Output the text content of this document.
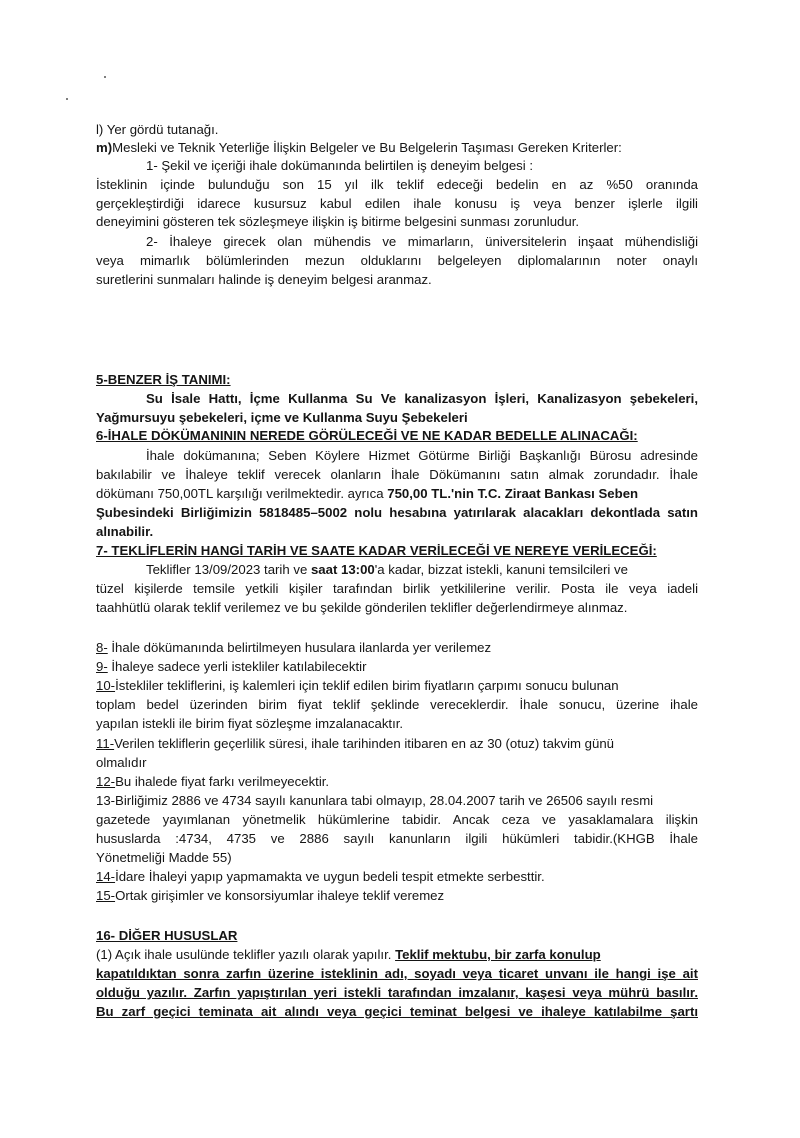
l) Yer gördü tutanağı.
m)Mesleki ve Teknik Yeterliğe İlişkin Belgeler ve Bu Belgelerin Taşıması Gereken Kriterler:
1- Şekil ve içeriği ihale dokümanında belirtilen iş deneyim belgesi :
İsteklinin içinde bulunduğu son 15 yıl ilk teklif edeceği bedelin en az %50 oranında
gerçekleştirdiği idarece kusursuz kabul edilen ihale konusu iş veya benzer işlerle ilgili
deneyimini gösteren tek sözleşmeye ilişkin iş bitirme belgesini sunması zorunludur.
2- İhaleye girecek olan mühendis ve mimarların, üniversitelerin inşaat mühendisliği
veya mimarlık bölümlerinden mezun olduklarını belgeleyen diplomalarının noter onaylı
suretlerini sunmaları halinde iş deneyim belgesi aranmaz.
5-BENZER İŞ TANIMI:
Su İsale Hattı, İçme Kullanma Su Ve kanalizasyon İşleri, Kanalizasyon şebekeleri,
Yağmursuyu şebekeleri, içme ve Kullanma Suyu Şebekeleri
6-İHALE DÖKÜMANININ NEREDE GÖRÜLECEĞİ VE NE KADAR BEDELLE ALINACAĞI:
İhale dokümanına; Seben Köylere Hizmet Götürme Birliği Başkanlığı Bürosu adresinde
bakılabilir ve İhaleye teklif verecek olanların İhale Dökümanını satın almak zorundadır. İhale
dökümanı 750,00TL karşılığı verilmektedir. ayrıca 750,00 TL.'nin T.C. Ziraat Bankası Seben
Şubesindeki Birliğimizin 5818485–5002 nolu hesabına yatırılarak alacakları dekontlada satın
alınabilir.
7- TEKLİFLERİN HANGİ TARİH VE SAATE KADAR VERİLECEĞİ VE NEREYE VERİLECEĞİ:
Teklifler 13/09/2023 tarih ve saat 13:00'a kadar, bizzat istekli, kanuni temsilcileri ve
tüzel kişilerde temsile yetkili kişiler tarafından birlik yetkililerine verilir. Posta ile veya iadeli
taahhütlü olarak teklif verilemez ve bu şekilde gönderilen teklifler değerlendirmeye alınmaz.
8- İhale dökümanında belirtilmeyen husulara ilanlarda yer verilemez
9- İhaleye sadece yerli istekliler katılabilecektir
10-İstekliler tekliflerini, iş kalemleri için teklif edilen birim fiyatların çarpımı sonucu bulunan
toplam bedel üzerinden birim fiyat teklif şeklinde vereceklerdir. İhale sonucu, üzerine ihale
yapılan istekli ile birim fiyat sözleşme imzalanacaktır.
11-Verilen tekliflerin geçerlilik süresi, ihale tarihinden itibaren en az 30 (otuz) takvim günü
olmalıdır
12-Bu ihalede fiyat farkı verilmeyecektir.
13-Birliğimiz 2886 ve 4734 sayılı kanunlara tabi olmayıp, 28.04.2007 tarih ve 26506 sayılı resmi
gazetede yayımlanan yönetmelik hükümlerine tabidir. Ancak ceza ve yasaklamalara ilişkin
hususlarda :4734, 4735 ve 2886 sayılı kanunların ilgili hükümleri tabidir.(KHGB İhale
Yönetmeliği Madde 55)
14-İdare İhaleyi yapıp yapmamakta ve uygun bedeli tespit etmekte serbesttir.
15-Ortak girişimler ve konsorsiyumlar ihaleye teklif veremez
16- DİĞER HUSUSLAR
(1) Açık ihale usulünde teklifler yazılı olarak yapılır. Teklif mektubu, bir zarfa konulup
kapatıldıktan sonra zarfın üzerine isteklinin adı, soyadı veya ticaret unvanı ile hangi işe ait
olduğu yazılır. Zarfın yapıştırılan yeri istekli tarafından imzalanır, kaşesi veya mührü basılır.
Bu zarf geçici teminata ait alındı veya geçici teminat belgesi ve ihaleye katılabilme şartı
